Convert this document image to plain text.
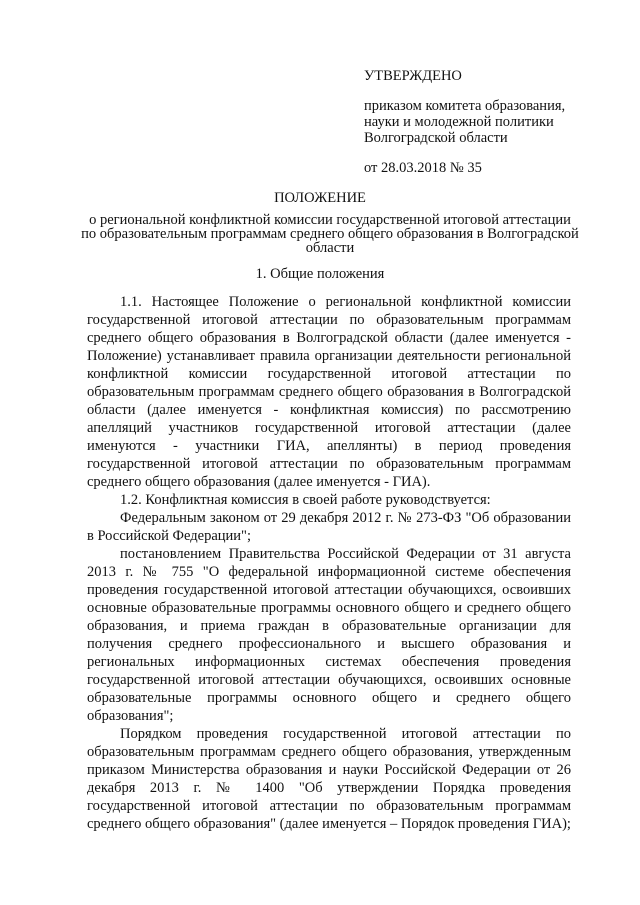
УТВЕРЖДЕНО
приказом комитета образования,
науки и молодежной политики
Волгоградской области
от 28.03.2018 № 35
ПОЛОЖЕНИЕ
о региональной конфликтной комиссии государственной итоговой аттестации по образовательным программам среднего общего образования в Волгоградской области
1. Общие положения

1.1. Настоящее Положение о региональной конфликтной комиссии государственной итоговой аттестации по образовательным программам среднего общего образования в Волгоградской области (далее именуется - Положение) устанавливает правила организации деятельности региональной конфликтной комиссии государственной итоговой аттестации по образовательным программам среднего общего образования в Волгоградской области (далее именуется - конфликтная комиссия) по рассмотрению апелляций участников государственной итоговой аттестации (далее именуются - участники ГИА, апеллянты) в период проведения государственной итоговой аттестации по образовательным программам среднего общего образования (далее именуется - ГИА).

1.2. Конфликтная комиссия в своей работе руководствуется:

Федеральным законом от 29 декабря 2012 г. № 273-ФЗ "Об образовании в Российской Федерации";

постановлением Правительства Российской Федерации от 31 августа 2013 г. № 755 "О федеральной информационной системе обеспечения проведения государственной итоговой аттестации обучающихся, освоивших основные образовательные программы основного общего и среднего общего образования, и приема граждан в образовательные организации для получения среднего профессионального и высшего образования и региональных информационных системах обеспечения проведения государственной итоговой аттестации обучающихся, освоивших основные образовательные программы основного общего и среднего общего образования";

Порядком проведения государственной итоговой аттестации по образовательным программам среднего общего образования, утвержденным приказом Министерства образования и науки Российской Федерации от 26 декабря 2013 г. № 1400 "Об утверждении Порядка проведения государственной итоговой аттестации по образовательным программам среднего общего образования" (далее именуется – Порядок проведения ГИА);
